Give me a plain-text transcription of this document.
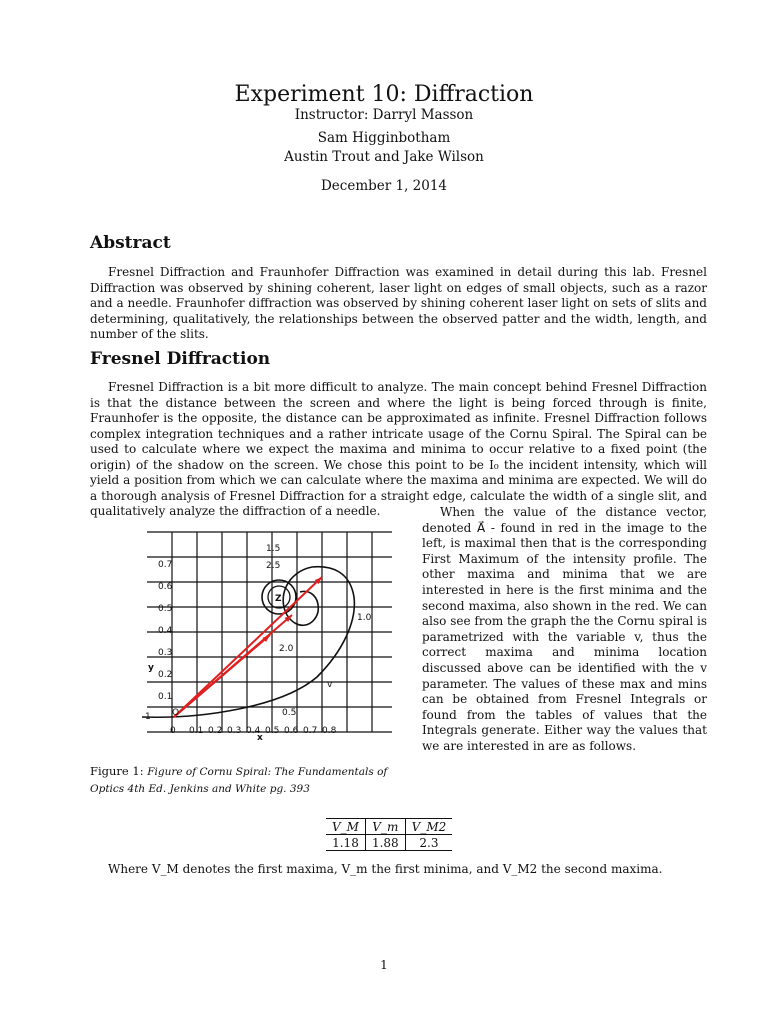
Experiment 10: Diffraction
Instructor: Darryl Masson
Sam Higginbotham
Austin Trout and Jake Wilson
December 1, 2014
Abstract

Fresnel Diffraction and Fraunhofer Diffraction was examined in detail during this lab. Fresnel Diffraction was observed by shining coherent, laser light on edges of small objects, such as a razor and a needle. Fraunhofer diffraction was observed by shining coherent laser light on sets of slits and determining, qualitatively, the relationships between the observed patter and the width, length, and number of the slits.

Fresnel Diffraction

Fresnel Diffraction is a bit more difficult to analyze. The main concept behind Fresnel Diffraction is that the distance between the screen and where the light is being forced through is finite, Fraunhofer is the opposite, the distance can be approximated as infinite. Fresnel Diffraction follows complex integration techniques and a rather intricate usage of the Cornu Spiral. The Spiral can be used to calculate where we expect the maxima and minima to occur relative to a fixed point (the origin) of the shadow on the screen. We chose this point to be I₀ the incident intensity, which will yield a position from which we can calculate where the maxima and minima are expected. We will do a thorough analysis of Fresnel Diffraction for a straight edge, calculate the width of a single slit, and qualitatively analyze the diffraction of a needle.	When the value of the distance vector, denoted A⃗ - found in red in the image to the left, is maximal then that is the corresponding First Maximum of the intensity profile. The other maxima and minima that we are interested in here is the first minima and the second maxima, also shown in the red. We can also see from the graph the the Cornu spiral is parametrized with the variable v, thus the correct maxima and minima location discussed above can be identified with the v parameter. The values of these max and mins can be obtained from Fresnel Integrals or found from the tables of values that the Integrals generate. Either way the values that we are interested in are as follows.

0.1
0.2
0.3
0.4
0.5
0.6
0.7
0 0.1 0.2 0.3 0.4 0.5 0.6 0.7 0.8
y
x
O
1
1.5
2.5
Z
1.0
2.0
0.5
v
Figure 1: Figure of Cornu Spiral: The Fundamentals of Optics 4th Ed. Jenkins and White pg. 393
V_M	V_m	V_M2
1.18	1.88	2.3
Where V_M denotes the first maxima, V_m the first minima, and V_M2 the second maxima.
1
